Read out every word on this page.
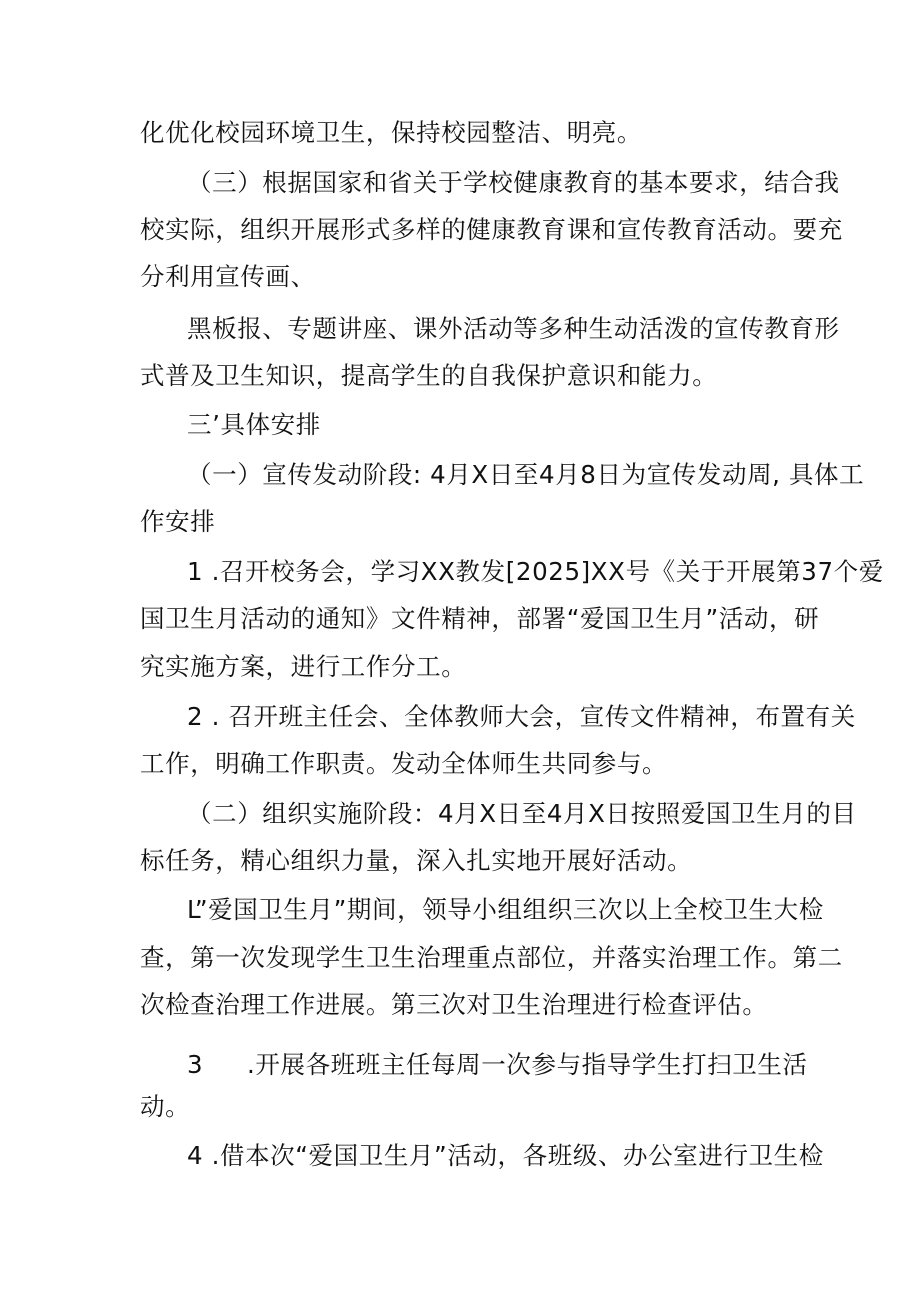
化优化校园环境卫生，保持校园整洁、明亮。
（三）根据国家和省关于学校健康教育的基本要求，结合我
校实际，组织开展形式多样的健康教育课和宣传教育活动。要充
分利用宣传画、
黑板报、专题讲座、课外活动等多种生动活泼的宣传教育形
式普及卫生知识，提高学生的自我保护意识和能力。
三’具体安排
（一）宣传发动阶段: 4月X日至4月8日为宣传发动周, 具体工
作安排
1 .召开校务会，学习XX教发[2025]XX号《关于开展第37个爱
国卫生月活动的通知》文件精神，部署“爱国卫生月”活动，研
究实施方案，进行工作分工。
2 . 召开班主任会、全体教师大会，宣传文件精神，布置有关
工作，明确工作职责。发动全体师生共同参与。
（二）组织实施阶段：4月X日至4月X日按照爱国卫生月的目
标任务，精心组织力量，深入扎实地开展好活动。
L”爱国卫生月”期间，领导小组组织三次以上全校卫生大检
查，第一次发现学生卫生治理重点部位，并落实治理工作。第二
次检查治理工作进展。第三次对卫生治理进行检查评估。
3 .开展各班班主任每周一次参与指导学生打扫卫生活
动。
4 .借本次“爱国卫生月”活动，各班级、办公室进行卫生检
